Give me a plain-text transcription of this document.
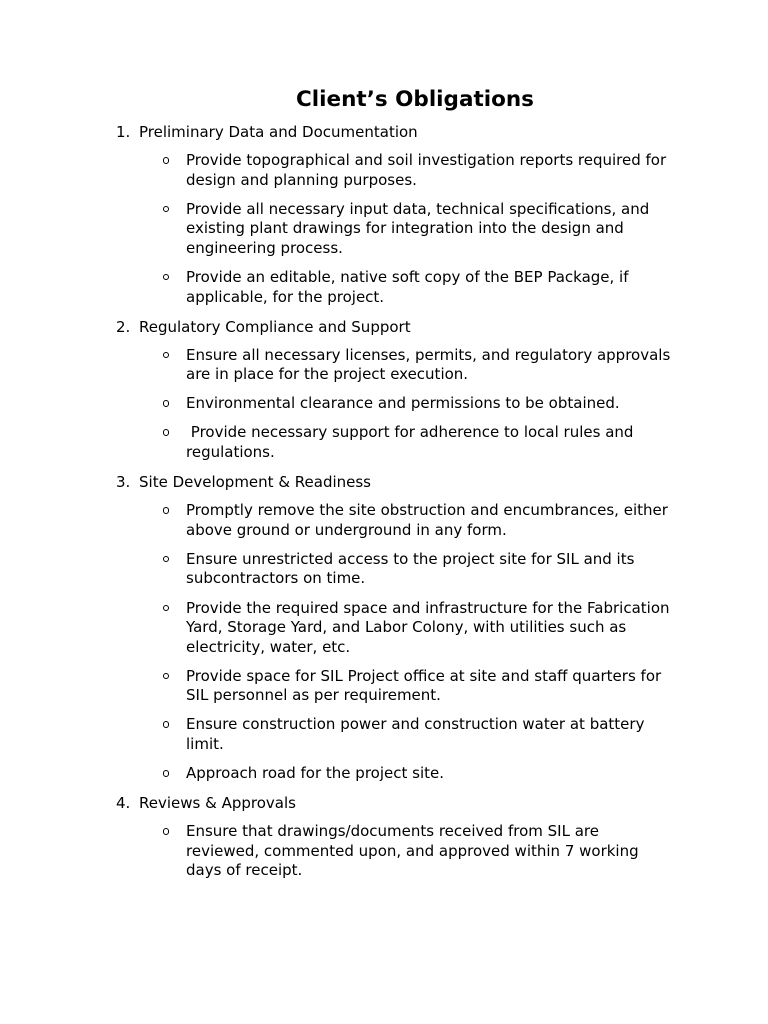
Client’s Obligations
1. Preliminary Data and Documentation
Provide topographical and soil investigation reports required for design and planning purposes.
Provide all necessary input data, technical specifications, and existing plant drawings for integration into the design and engineering process.
Provide an editable, native soft copy of the BEP Package, if applicable, for the project.
2. Regulatory Compliance and Support
Ensure all necessary licenses, permits, and regulatory approvals are in place for the project execution.
Environmental clearance and permissions to be obtained.
Provide necessary support for adherence to local rules and regulations.
3. Site Development & Readiness
Promptly remove the site obstruction and encumbrances, either above ground or underground in any form.
Ensure unrestricted access to the project site for SIL and its subcontractors on time.
Provide the required space and infrastructure for the Fabrication Yard, Storage Yard, and Labor Colony, with utilities such as electricity, water, etc.
Provide space for SIL Project office at site and staff quarters for SIL personnel as per requirement.
Ensure construction power and construction water at battery limit.
Approach road for the project site.
4. Reviews & Approvals
Ensure that drawings/documents received from SIL are reviewed, commented upon, and approved within 7 working days of receipt.
